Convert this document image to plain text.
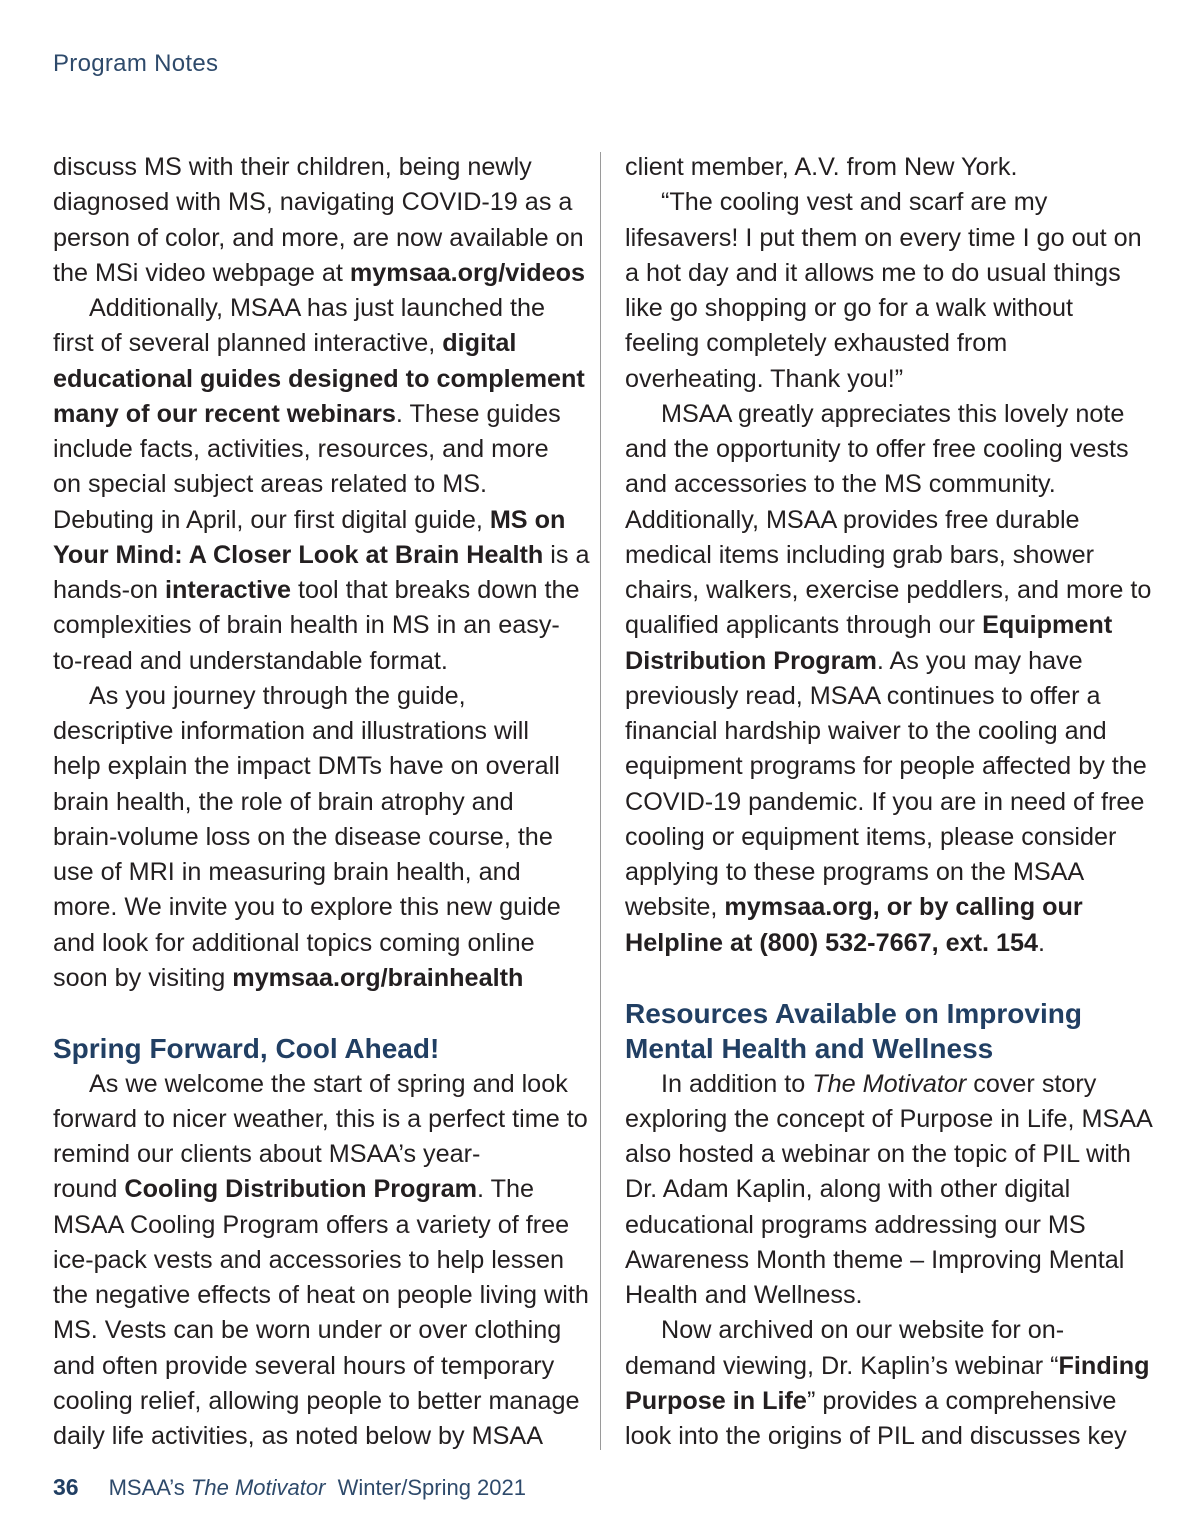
Program Notes
discuss MS with their children, being newly
diagnosed with MS, navigating COVID-19 as a
person of color, and more, are now available on
the MSi video webpage at mymsaa.org/videos
Additionally, MSAA has just launched the
first of several planned interactive, digital
educational guides designed to complement
many of our recent webinars. These guides
include facts, activities, resources, and more
on special subject areas related to MS.
Debuting in April, our first digital guide, MS on
Your Mind: A Closer Look at Brain Health is a
hands-on interactive tool that breaks down the
complexities of brain health in MS in an easy-
to-read and understandable format.
As you journey through the guide,
descriptive information and illustrations will
help explain the impact DMTs have on overall
brain health, the role of brain atrophy and
brain-volume loss on the disease course, the
use of MRI in measuring brain health, and
more. We invite you to explore this new guide
and look for additional topics coming online
soon by visiting mymsaa.org/brainhealth
Spring Forward, Cool Ahead!
As we welcome the start of spring and look
forward to nicer weather, this is a perfect time to
remind our clients about MSAA’s year-
round Cooling Distribution Program. The
MSAA Cooling Program offers a variety of free
ice-pack vests and accessories to help lessen
the negative effects of heat on people living with
MS. Vests can be worn under or over clothing
and often provide several hours of temporary
cooling relief, allowing people to better manage
daily life activities, as noted below by MSAA
client member, A.V. from New York.
“The cooling vest and scarf are my
lifesavers! I put them on every time I go out on
a hot day and it allows me to do usual things
like go shopping or go for a walk without
feeling completely exhausted from
overheating. Thank you!”
MSAA greatly appreciates this lovely note
and the opportunity to offer free cooling vests
and accessories to the MS community.
Additionally, MSAA provides free durable
medical items including grab bars, shower
chairs, walkers, exercise peddlers, and more to
qualified applicants through our Equipment
Distribution Program. As you may have
previously read, MSAA continues to offer a
financial hardship waiver to the cooling and
equipment programs for people affected by the
COVID-19 pandemic. If you are in need of free
cooling or equipment items, please consider
applying to these programs on the MSAA
website, mymsaa.org, or by calling our
Helpline at (800) 532-7667, ext. 154.
Resources Available on Improving
Mental Health and Wellness
In addition to The Motivator cover story
exploring the concept of Purpose in Life, MSAA
also hosted a webinar on the topic of PIL with
Dr. Adam Kaplin, along with other digital
educational programs addressing our MS
Awareness Month theme – Improving Mental
Health and Wellness.
Now archived on our website for on-
demand viewing, Dr. Kaplin’s webinar “Finding
Purpose in Life” provides a comprehensive
look into the origins of PIL and discusses key
36 MSAA’s The Motivator Winter/Spring 2021
